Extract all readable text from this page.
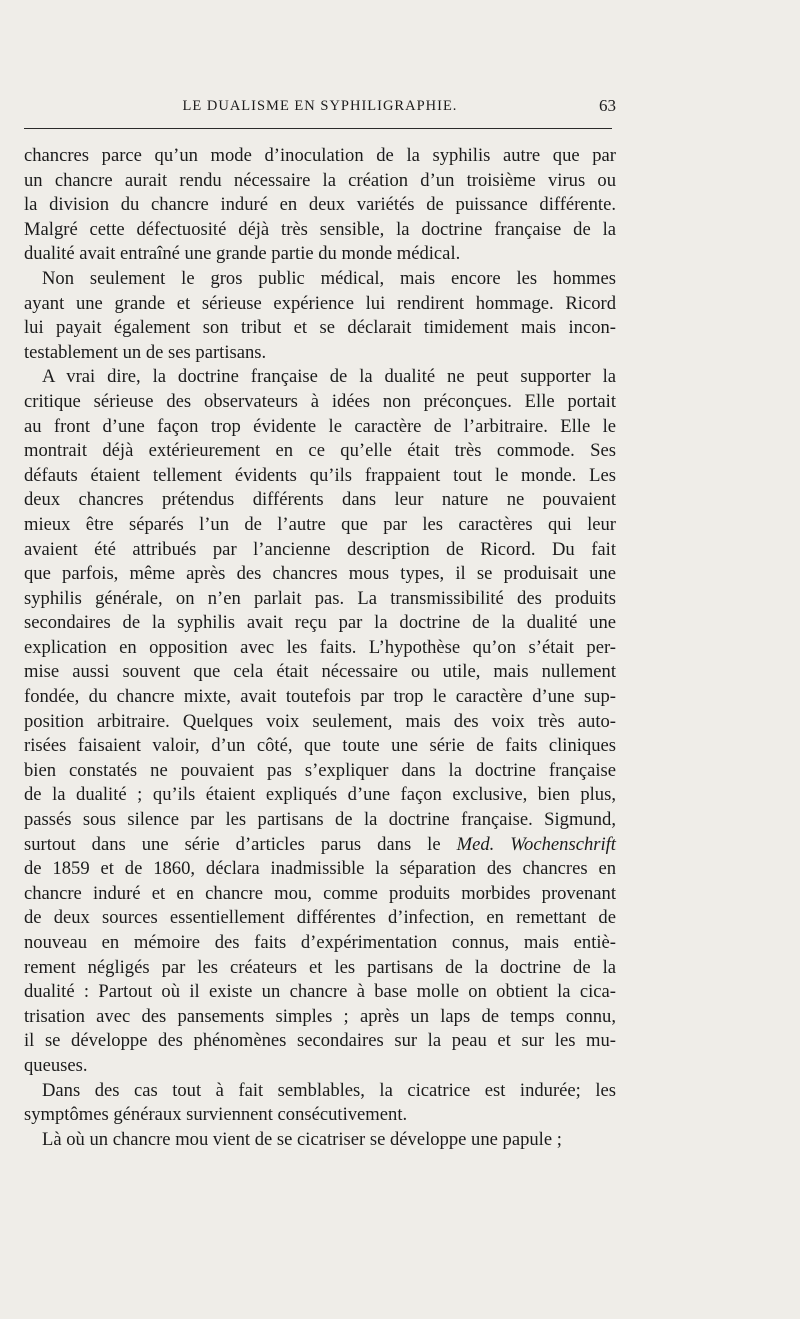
LE DUALISME EN SYPHILIGRAPHIE.	63
chancres parce qu’un mode d’inoculation de la syphilis autre que par
un chancre aurait rendu nécessaire la création d’un troisième virus ou
la division du chancre induré en deux variétés de puissance différente.
Malgré cette défectuosité déjà très sensible, la doctrine française de la
dualité avait entraîné une grande partie du monde médical.
Non seulement le gros public médical, mais encore les hommes
ayant une grande et sérieuse expérience lui rendirent hommage. Ricord
lui payait également son tribut et se déclarait timidement mais incon-
testablement un de ses partisans.
A vrai dire, la doctrine française de la dualité ne peut supporter la
critique sérieuse des observateurs à idées non préconçues. Elle portait
au front d’une façon trop évidente le caractère de l’arbitraire. Elle le
montrait déjà extérieurement en ce qu’elle était très commode. Ses
défauts étaient tellement évidents qu’ils frappaient tout le monde. Les
deux chancres prétendus différents dans leur nature ne pouvaient
mieux être séparés l’un de l’autre que par les caractères qui leur
avaient été attribués par l’ancienne description de Ricord. Du fait
que parfois, même après des chancres mous types, il se produisait une
syphilis générale, on n’en parlait pas. La transmissibilité des produits
secondaires de la syphilis avait reçu par la doctrine de la dualité une
explication en opposition avec les faits. L’hypothèse qu’on s’était per-
mise aussi souvent que cela était nécessaire ou utile, mais nullement
fondée, du chancre mixte, avait toutefois par trop le caractère d’une sup-
position arbitraire. Quelques voix seulement, mais des voix très auto-
risées faisaient valoir, d’un côté, que toute une série de faits cliniques
bien constatés ne pouvaient pas s’expliquer dans la doctrine française
de la dualité ; qu’ils étaient expliqués d’une façon exclusive, bien plus,
passés sous silence par les partisans de la doctrine française. Sigmund,
surtout dans une série d’articles parus dans le Med. Wochenschrift
de 1859 et de 1860, déclara inadmissible la séparation des chancres en
chancre induré et en chancre mou, comme produits morbides provenant
de deux sources essentiellement différentes d’infection, en remettant de
nouveau en mémoire des faits d’expérimentation connus, mais entiè-
rement négligés par les créateurs et les partisans de la doctrine de la
dualité : Partout où il existe un chancre à base molle on obtient la cica-
trisation avec des pansements simples ; après un laps de temps connu,
il se développe des phénomènes secondaires sur la peau et sur les mu-
queuses.
Dans des cas tout à fait semblables, la cicatrice est indurée; les
symptômes généraux surviennent consécutivement.
Là où un chancre mou vient de se cicatriser se développe une papule ;
